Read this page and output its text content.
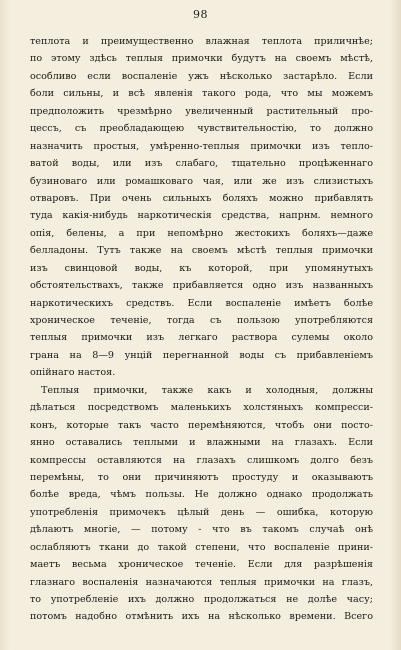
98
теплота и преимущественно влажная теплота приличнѣе;
по этому здѣсь теплыя примочки будутъ на своемъ мѣстѣ,
особливо если воспаленіе ужъ нѣсколько застарѣло. Если
боли сильны, и всѣ явленія такого рода, что мы можемъ
предположить чрезмѣрно увеличенный растительный про-
цессъ, съ преобладающею чувствительностію, то должно
назначить простыя, умѣренно-теплыя примочки изъ тепло-
ватой воды, или изъ слабаго, тщательно процѣженнаго
бузиноваго или ромашковаго чая, или же изъ слизистыхъ
отваровъ. При очень сильныхъ боляхъ можно прибавлять
туда какія-нибудь наркотическія средства, напрнм. немного
опія, белены, а при непомѣрно жестокихъ боляхъ—даже
белладоны. Тутъ также на своемъ мѣстѣ теплыя примочки
изъ свинцовой воды, къ которой, при упомянутыхъ
обстоятельствахъ, также прибавляется одно изъ названныхъ
наркотическихъ средствъ. Если воспаленіе имѣетъ болѣе
хроническое теченіе, тогда съ пользою употребляются
теплыя примочки изъ легкаго раствора сулемы около
грана на 8—9 унцій перегнанной воды съ прибавленіемъ
опійнаго настоя.
Теплыя примочки, также какъ и холодныя, должны
дѣлаться посредствомъ маленькихъ холстяныхъ компресси-
конъ, которые такъ часто перемѣняются, чтобъ они посто-
янно оставались теплыми и влажными на глазахъ. Если
компрессы оставляются на глазахъ слишкомъ долго безъ
перемѣны, то они причиняютъ простуду и оказываютъ
болѣе вреда, чѣмъ пользы. Не должно однако продолжать
употребленія примочекъ цѣлый день — ошибка, которую
дѣлаютъ многіе, — потому - что въ такомъ случаѣ онѣ
ослабляютъ ткани до такой степени, что воспаленіе прини-
маетъ весьма хроническое теченіе. Если для разрѣшенія
глазнаго воспаленія назначаются теплыя примочки на глазъ,
то употребленіе ихъ должно продолжаться не долѣе часу;
потомъ надобно отмѣнить ихъ на нѣсколько времени. Всего
